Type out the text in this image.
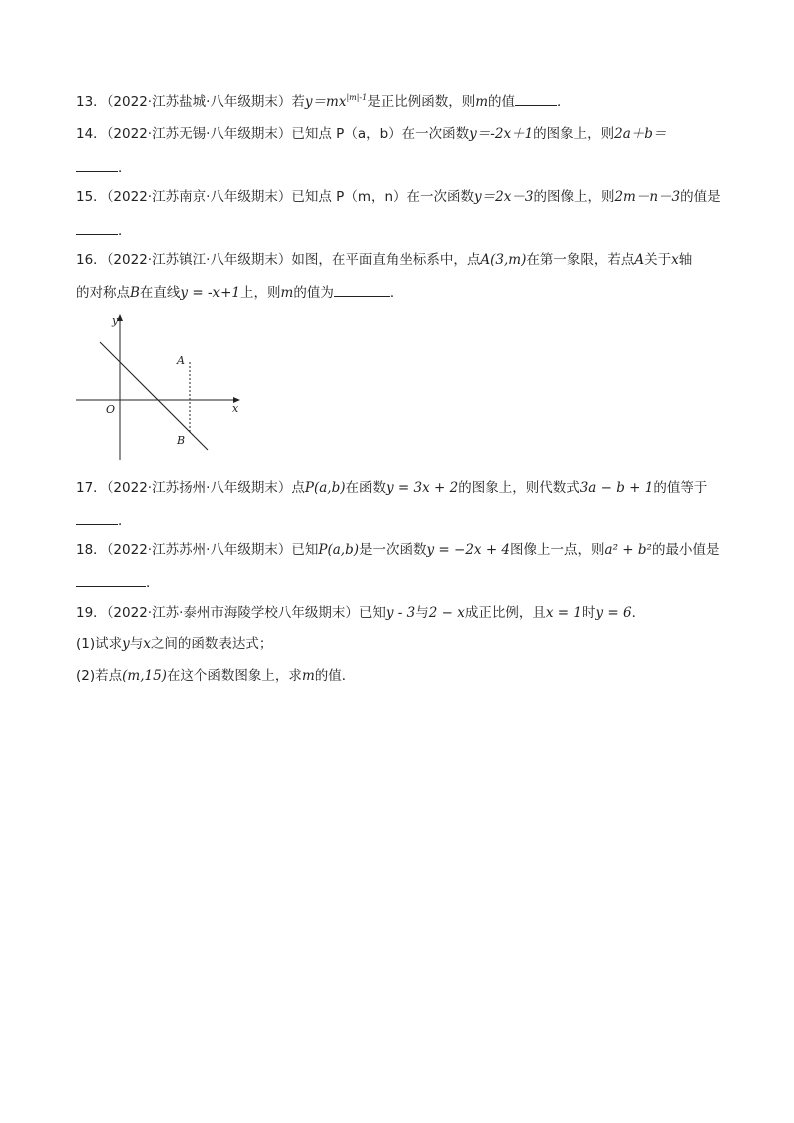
13．（2022·江苏盐城·八年级期末）若$y=mx^{|m|-1}$是正比例函数，则m的值	．
14．（2022·江苏无锡·八年级期末）已知点 P（a，b）在一次函数y＝-2x＋1的图象上，则2a＋b＝
．
15．（2022·江苏南京·八年级期末）已知点 P（m，n）在一次函数y＝2x－3的图像上，则2m－n－3的值是
．
16．（2022·江苏镇江·八年级期末）如图，在平面直角坐标系中，点A(3,m)在第一象限，若点A关于x轴
的对称点B在直线y = -x+1上，则m的值为	．
y
x
O
A
B
17．（2022·江苏扬州·八年级期末）点P(a,b)在函数y = 3x + 2的图象上，则代数式3a − b + 1的值等于
．
18．（2022·江苏苏州·八年级期末）已知P(a,b)是一次函数y = −2x + 4图像上一点，则a² + b²的最小值是
．
19．（2022·江苏·泰州市海陵学校八年级期末）已知y - 3与2 − x成正比例，且x = 1时y = 6．
(1)试求y与x之间的函数表达式；
(2)若点(m,15)在这个函数图象上，求m的值．
